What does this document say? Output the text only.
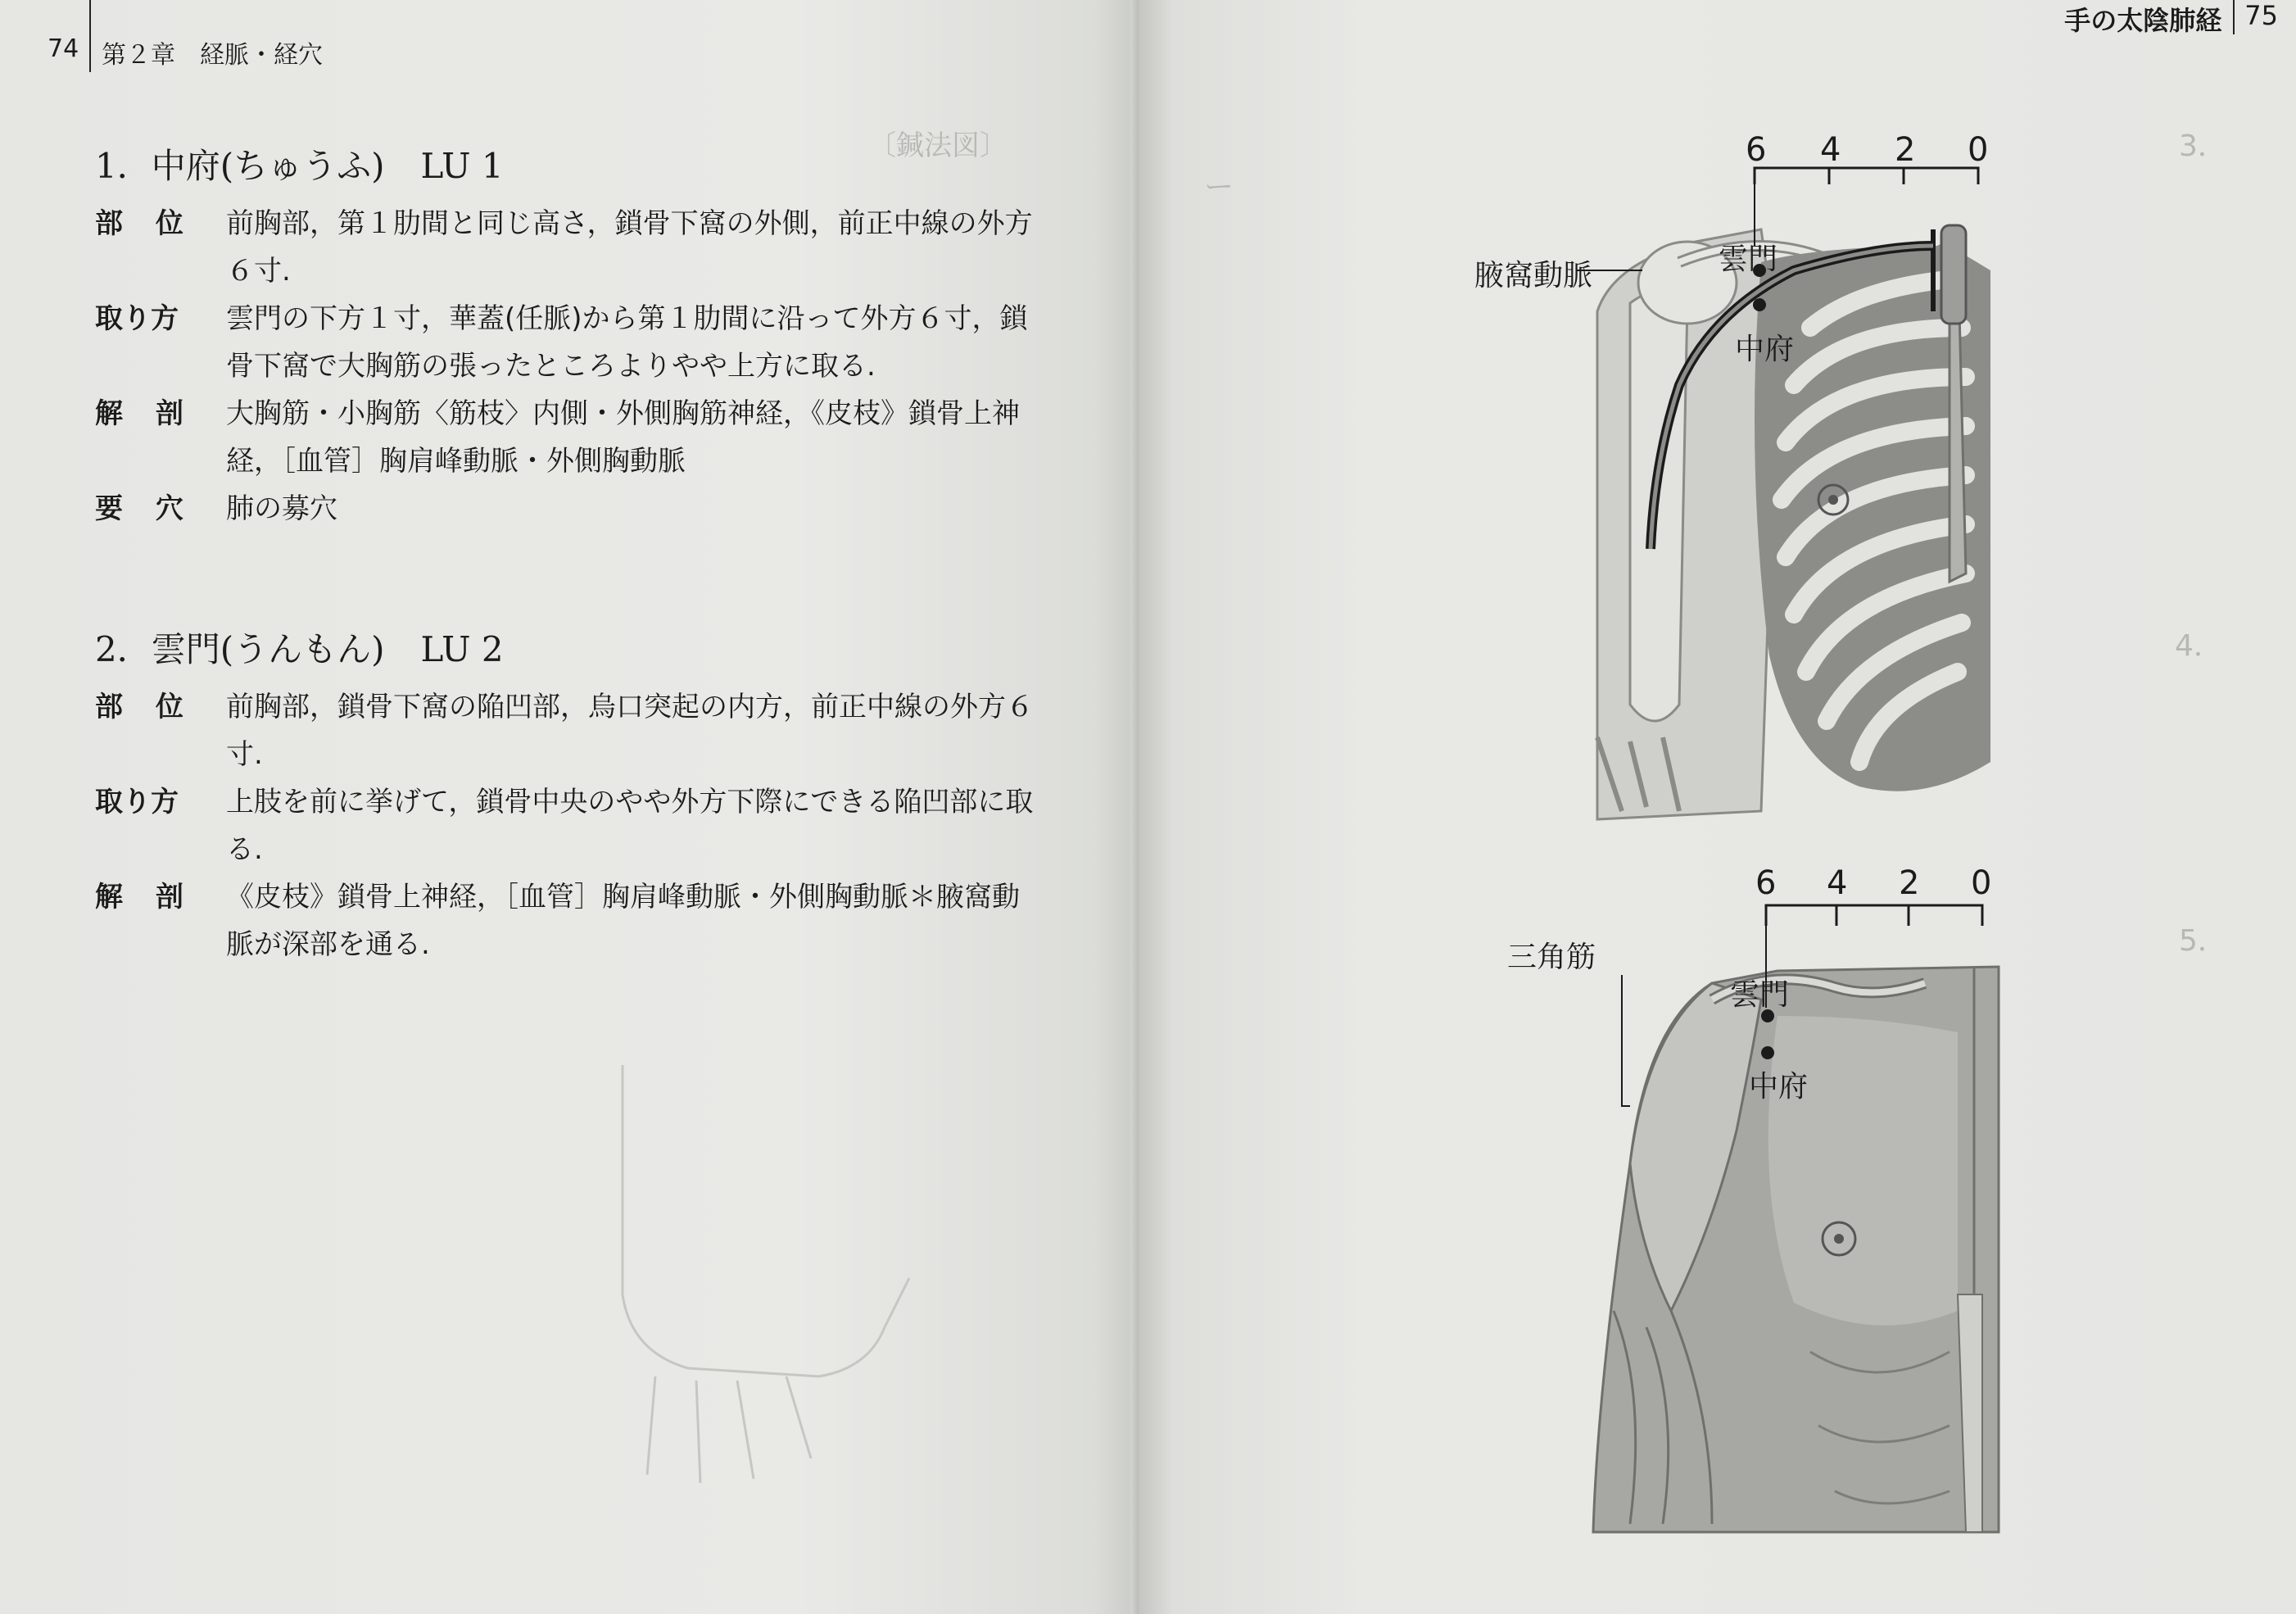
74 第２章　経脈・経穴
〔鍼法図〕
1．中府(ちゅうふ) LU 1
部 位	前胸部，第１肋間と同じ高さ，鎖骨下窩の外側，前正中線の外方６寸.
取り方	雲門の下方１寸，華蓋(任脈)から第１肋間に沿って外方６寸，鎖骨下窩で大胸筋の張ったところよりやや上方に取る.
解 剖	大胸筋・小胸筋〈筋枝〉内側・外側胸筋神経，《皮枝》鎖骨上神経，［血管］胸肩峰動脈・外側胸動脈
要 穴	肺の募穴
2．雲門(うんもん) LU 2
部 位	前胸部，鎖骨下窩の陥凹部，烏口突起の内方，前正中線の外方６寸.
取り方	上肢を前に挙げて，鎖骨中央のやや外方下際にできる陥凹部に取る.
解 剖	《皮枝》鎖骨上神経，［血管］胸肩峰動脈・外側胸動脈＊腋窩動脈が深部を通る.
手の太陰肺経 75
3．
4．
5．
ー
6 4 2 0
腋窩動脈	雲門
中府
6 4 2 0
三角筋
雲門
中府
